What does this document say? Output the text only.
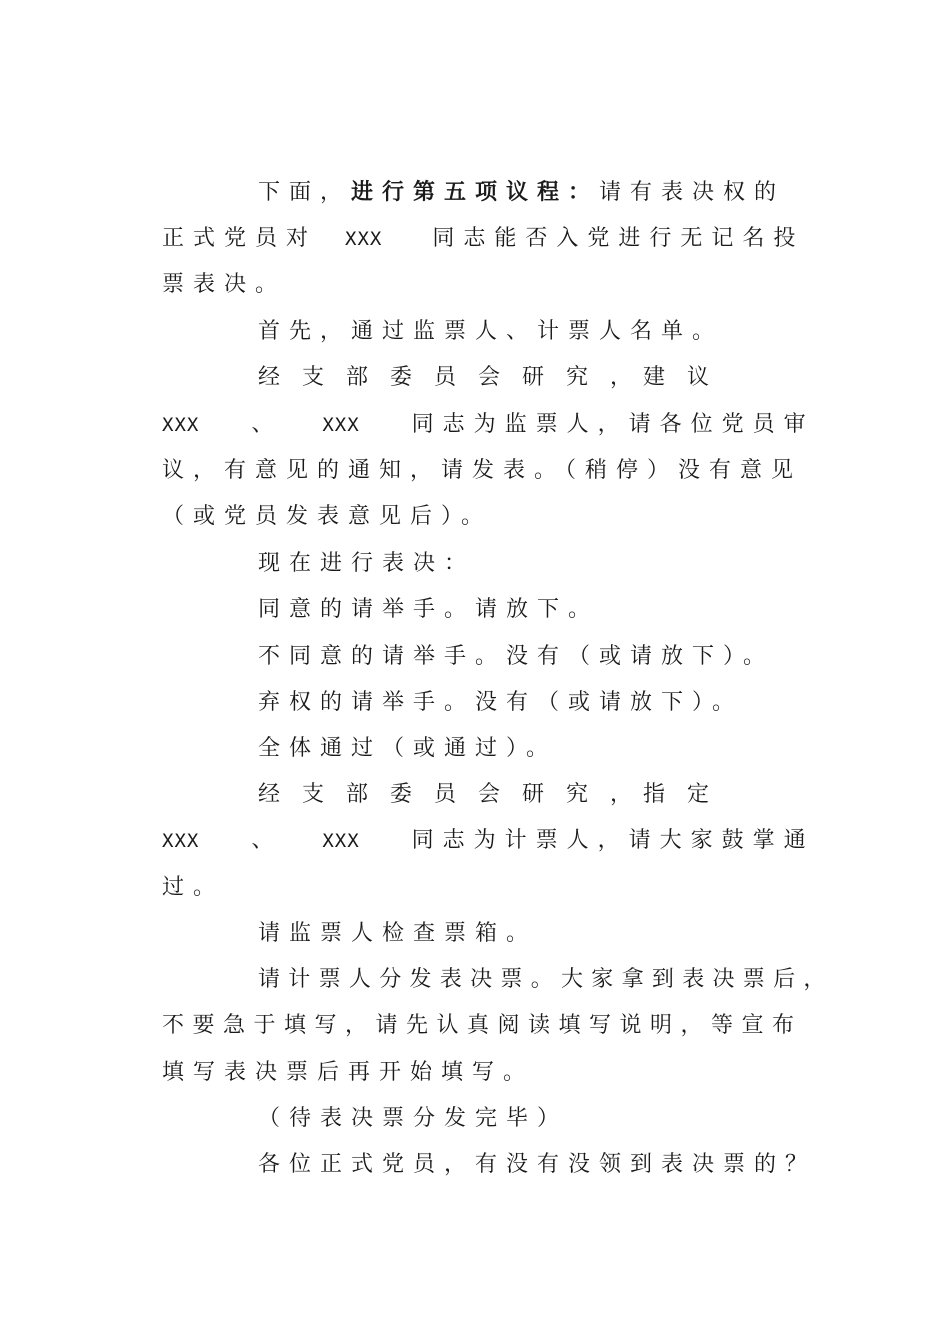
下面，进行第五项议程：请有表决权的
正式党员对 XXX 同志能否入党进行无记名投
票表决。
首先，通过监票人、计票人名单。
经　支　部　委　员　会　研　究　，　建　议
XXX 、 XXX 同志为监票人，请各位党员审
议，有意见的通知，请发表。（稍停）没有意见
（或党员发表意见后）。
现在进行表决：
同意的请举手。请放下。
不同意的请举手。没有（或请放下）。
弃权的请举手。没有（或请放下）。
全体通过（或通过）。
经　支　部　委　员　会　研　究　，　指　定
XXX 、 XXX 同志为计票人，请大家鼓掌通
过。
请监票人检查票箱。
请计票人分发表决票。大家拿到表决票后，
不要急于填写，请先认真阅读填写说明，等宣布
填写表决票后再开始填写。
（待表决票分发完毕）
各位正式党员，有没有没领到表决票的？
